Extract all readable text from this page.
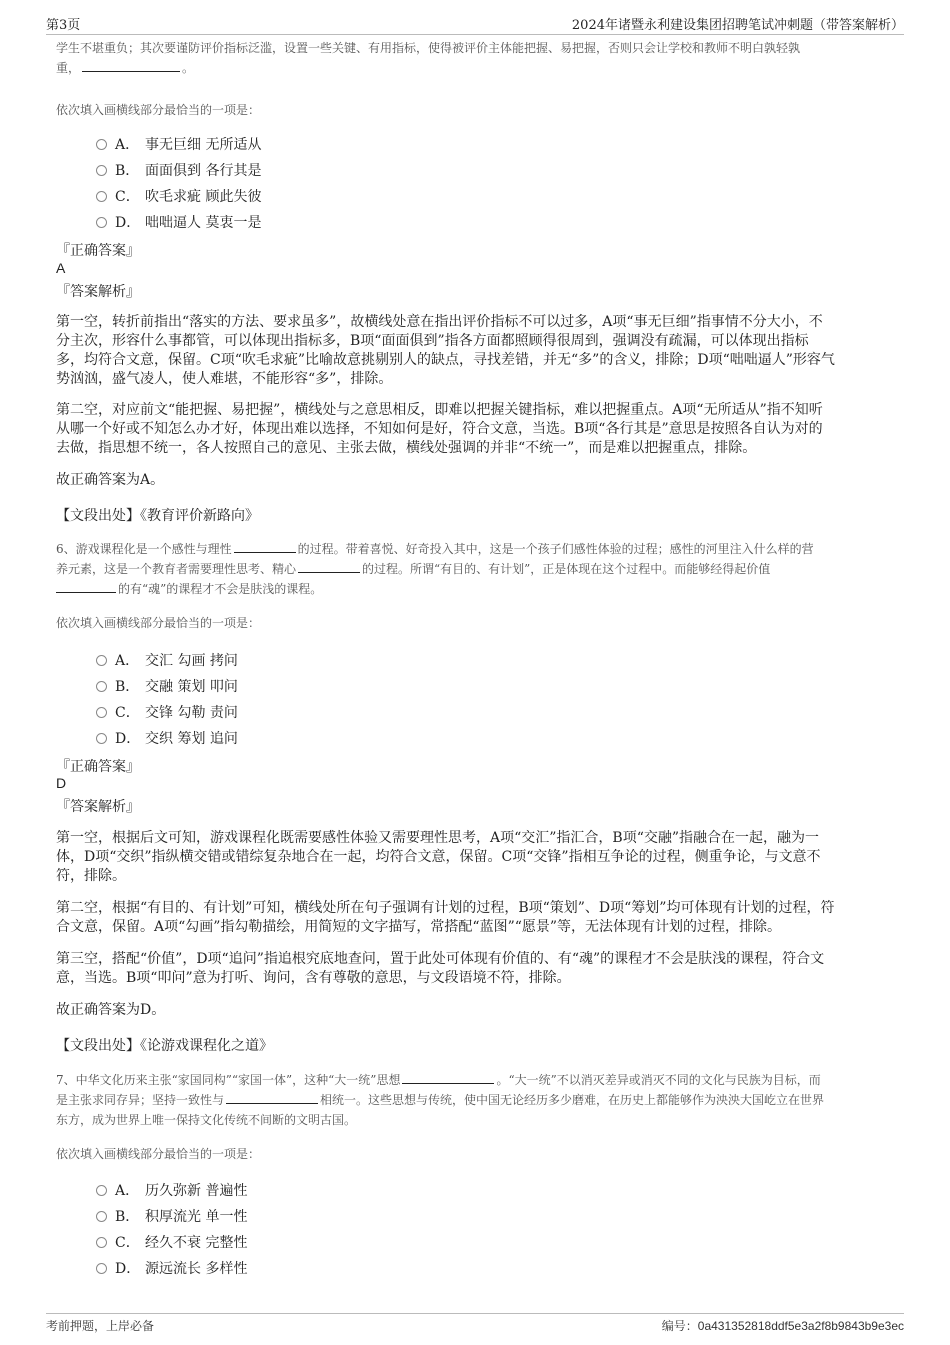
第3页	2024年诸暨永利建设集团招聘笔试冲刺题（带答案解析）
学生不堪重负；其次要谨防评价指标泛滥，设置一些关键、有用指标，使得被评价主体能把握、易把握，否则只会让学校和教师不明白孰轻孰
重，	。
依次填入画横线部分最恰当的一项是：
A． 事无巨细 无所适从
B． 面面俱到 各行其是
C． 吹毛求疵 顾此失彼
D． 咄咄逼人 莫衷一是
『正确答案』
A
『答案解析』
第一空，转折前指出“落实的方法、要求虽多”，故横线处意在指出评价指标不可以过多，A项“事无巨细”指事情不分大小，不
分主次，形容什么事都管，可以体现出指标多，B项“面面俱到”指各方面都照顾得很周到，强调没有疏漏，可以体现出指标
多，均符合文意，保留。C项“吹毛求疵”比喻故意挑剔别人的缺点，寻找差错，并无“多”的含义，排除；D项“咄咄逼人”形容气
势汹汹，盛气凌人，使人难堪，不能形容“多”，排除。
第二空，对应前文“能把握、易把握”，横线处与之意思相反，即难以把握关键指标，难以把握重点。A项“无所适从”指不知听
从哪一个好或不知怎么办才好，体现出难以选择，不知如何是好，符合文意，当选。B项“各行其是”意思是按照各自认为对的
去做，指思想不统一，各人按照自己的意见、主张去做，横线处强调的并非“不统一”，而是难以把握重点，排除。
故正确答案为A。
【文段出处】《教育评价新路向》
6、游戏课程化是一个感性与理性	的过程。带着喜悦、好奇投入其中，这是一个孩子们感性体验的过程；感性的河里注入什么样的营
养元素，这是一个教育者需要理性思考、精心	的过程。所谓“有目的、有计划”，正是体现在这个过程中。而能够经得起价值
的有“魂”的课程才不会是肤浅的课程。
依次填入画横线部分最恰当的一项是：
A． 交汇 勾画 拷问
B． 交融 策划 叩问
C． 交锋 勾勒 责问
D． 交织 筹划 追问
『正确答案』
D
『答案解析』
第一空，根据后文可知，游戏课程化既需要感性体验又需要理性思考，A项“交汇”指汇合，B项“交融”指融合在一起，融为一
体，D项“交织”指纵横交错或错综复杂地合在一起，均符合文意，保留。C项“交锋”指相互争论的过程，侧重争论，与文意不
符，排除。
第二空，根据“有目的、有计划”可知，横线处所在句子强调有计划的过程，B项“策划”、D项“筹划”均可体现有计划的过程，符
合文意，保留。A项“勾画”指勾勒描绘，用简短的文字描写，常搭配“蓝图”“愿景”等，无法体现有计划的过程，排除。
第三空，搭配“价值”，D项“追问”指追根究底地查问，置于此处可体现有价值的、有“魂”的课程才不会是肤浅的课程，符合文
意，当选。B项“叩问”意为打听、询问，含有尊敬的意思，与文段语境不符，排除。
故正确答案为D。
【文段出处】《论游戏课程化之道》
7、中华文化历来主张“家国同构”“家国一体”，这种“大一统”思想	。“大一统”不以消灭差异或消灭不同的文化与民族为目标，而
是主张求同存异；坚持一致性与	相统一。这些思想与传统，使中国无论经历多少磨难，在历史上都能够作为泱泱大国屹立在世界
东方，成为世界上唯一保持文化传统不间断的文明古国。
依次填入画横线部分最恰当的一项是：
A． 历久弥新 普遍性
B． 积厚流光 单一性
C． 经久不衰 完整性
D． 源远流长 多样性
考前押题，上岸必备	编号：0a431352818ddf5e3a2f8b9843b9e3ec
